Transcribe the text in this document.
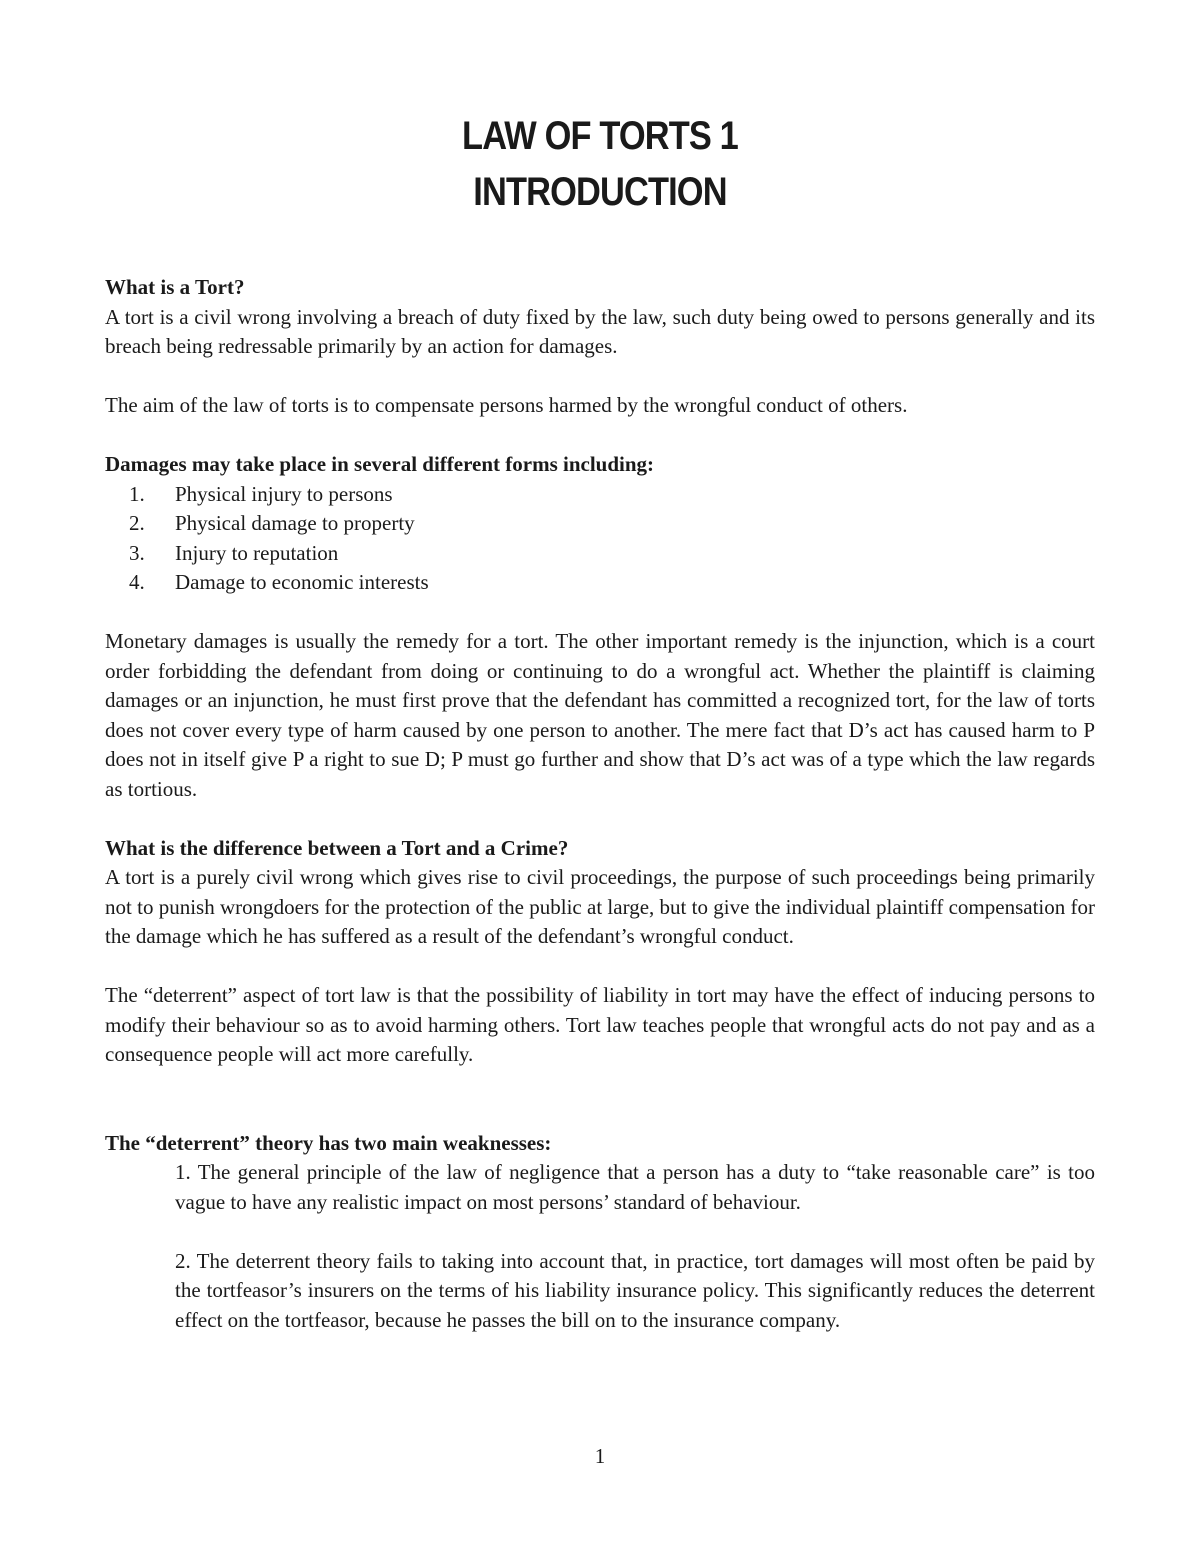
LAW OF TORTS 1
INTRODUCTION

What is a Tort?

A tort is a civil wrong involving a breach of duty fixed by the law, such duty being owed to persons generally and its breach being redressable primarily by an action for damages.

The aim of the law of torts is to compensate persons harmed by the wrongful conduct of others.

Damages may take place in several different forms including:

1.	Physical injury to persons
2.	Physical damage to property
3.	Injury to reputation
4.	Damage to economic interests

Monetary damages is usually the remedy for a tort. The other important remedy is the injunction, which is a court order forbidding the defendant from doing or continuing to do a wrongful act. Whether the plaintiff is claiming damages or an injunction, he must first prove that the defendant has committed a recognized tort, for the law of torts does not cover every type of harm caused by one person to another. The mere fact that D’s act has caused harm to P does not in itself give P a right to sue D; P must go further and show that D’s act was of a type which the law regards as tortious.

What is the difference between a Tort and a Crime?

A tort is a purely civil wrong which gives rise to civil proceedings, the purpose of such proceedings being primarily not to punish wrongdoers for the protection of the public at large, but to give the individual plaintiff compensation for the damage which he has suffered as a result of the defendant’s wrongful conduct.

The “deterrent” aspect of tort law is that the possibility of liability in tort may have the effect of inducing persons to modify their behaviour so as to avoid harming others. Tort law teaches people that wrongful acts do not pay and as a consequence people will act more carefully.

The “deterrent” theory has two main weaknesses:

1. The general principle of the law of negligence that a person has a duty to “take reasonable care” is too vague to have any realistic impact on most persons’ standard of behaviour.

2. The deterrent theory fails to taking into account that, in practice, tort damages will most often be paid by the tortfeasor’s insurers on the terms of his liability insurance policy. This significantly reduces the deterrent effect on the tortfeasor, because he passes the bill on to the insurance company.

1
